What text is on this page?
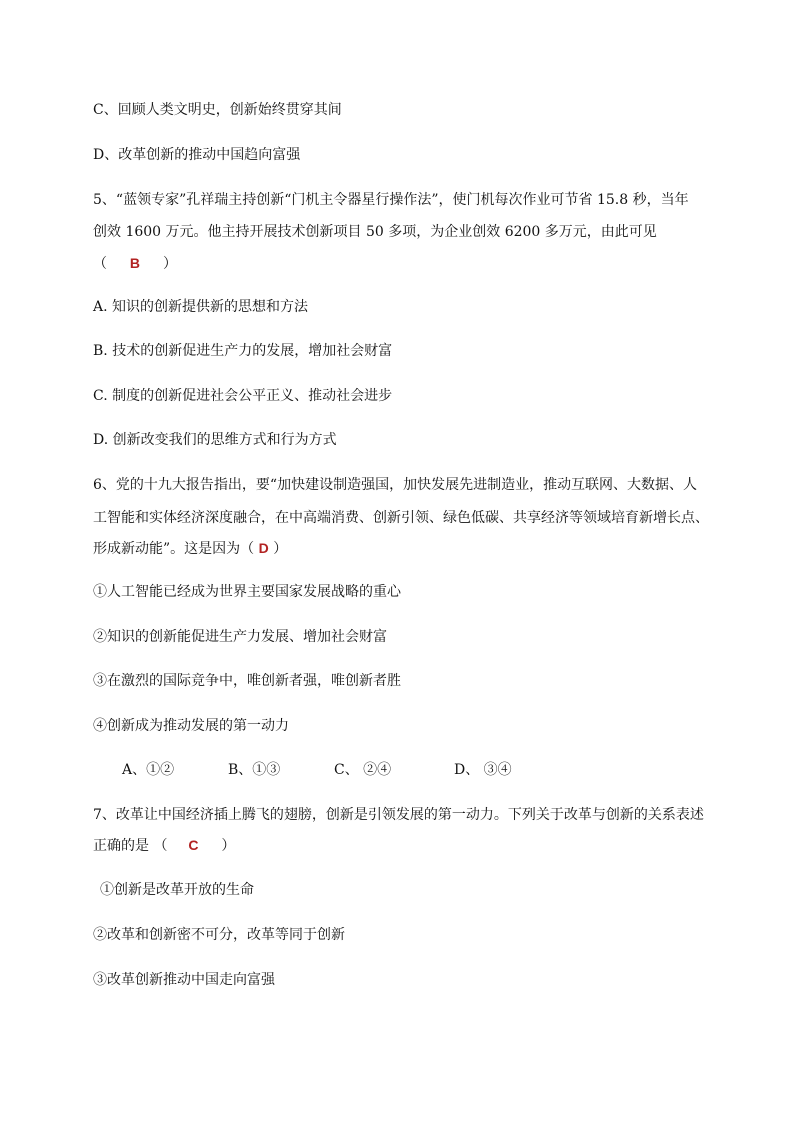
C、回顾人类文明史，创新始终贯穿其间
D、改革创新的推动中国趋向富强
5、“蓝领专家”孔祥瑞主持创新“门机主令器星行操作法”，使门机每次作业可节省 15.8 秒，当年
创效 1600 万元。他主持开展技术创新项目 50 多项，为企业创效 6200 多万元，由此可见
（ B ）
A. 知识的创新提供新的思想和方法
B. 技术的创新促进生产力的发展，增加社会财富
C. 制度的创新促进社会公平正义、推动社会进步
D. 创新改变我们的思维方式和行为方式
6、党的十九大报告指出，要“加快建设制造强国，加快发展先进制造业，推动互联网、大数据、人
工智能和实体经济深度融合，在中高端消费、创新引领、绿色低碳、共享经济等领域培育新增长点、
形成新动能”。这是因为（ D ）
①人工智能已经成为世界主要国家发展战略的重心
②知识的创新能促进生产力发展、增加社会财富
③在激烈的国际竞争中，唯创新者强，唯创新者胜
④创新成为推动发展的第一动力
A、①②	B、①③	C、 ②④	D、 ③④
7、改革让中国经济插上腾飞的翅膀，创新是引领发展的第一动力。下列关于改革与创新的关系表述
正确的是 （ C ）
①创新是改革开放的生命
②改革和创新密不可分，改革等同于创新
③改革创新推动中国走向富强
